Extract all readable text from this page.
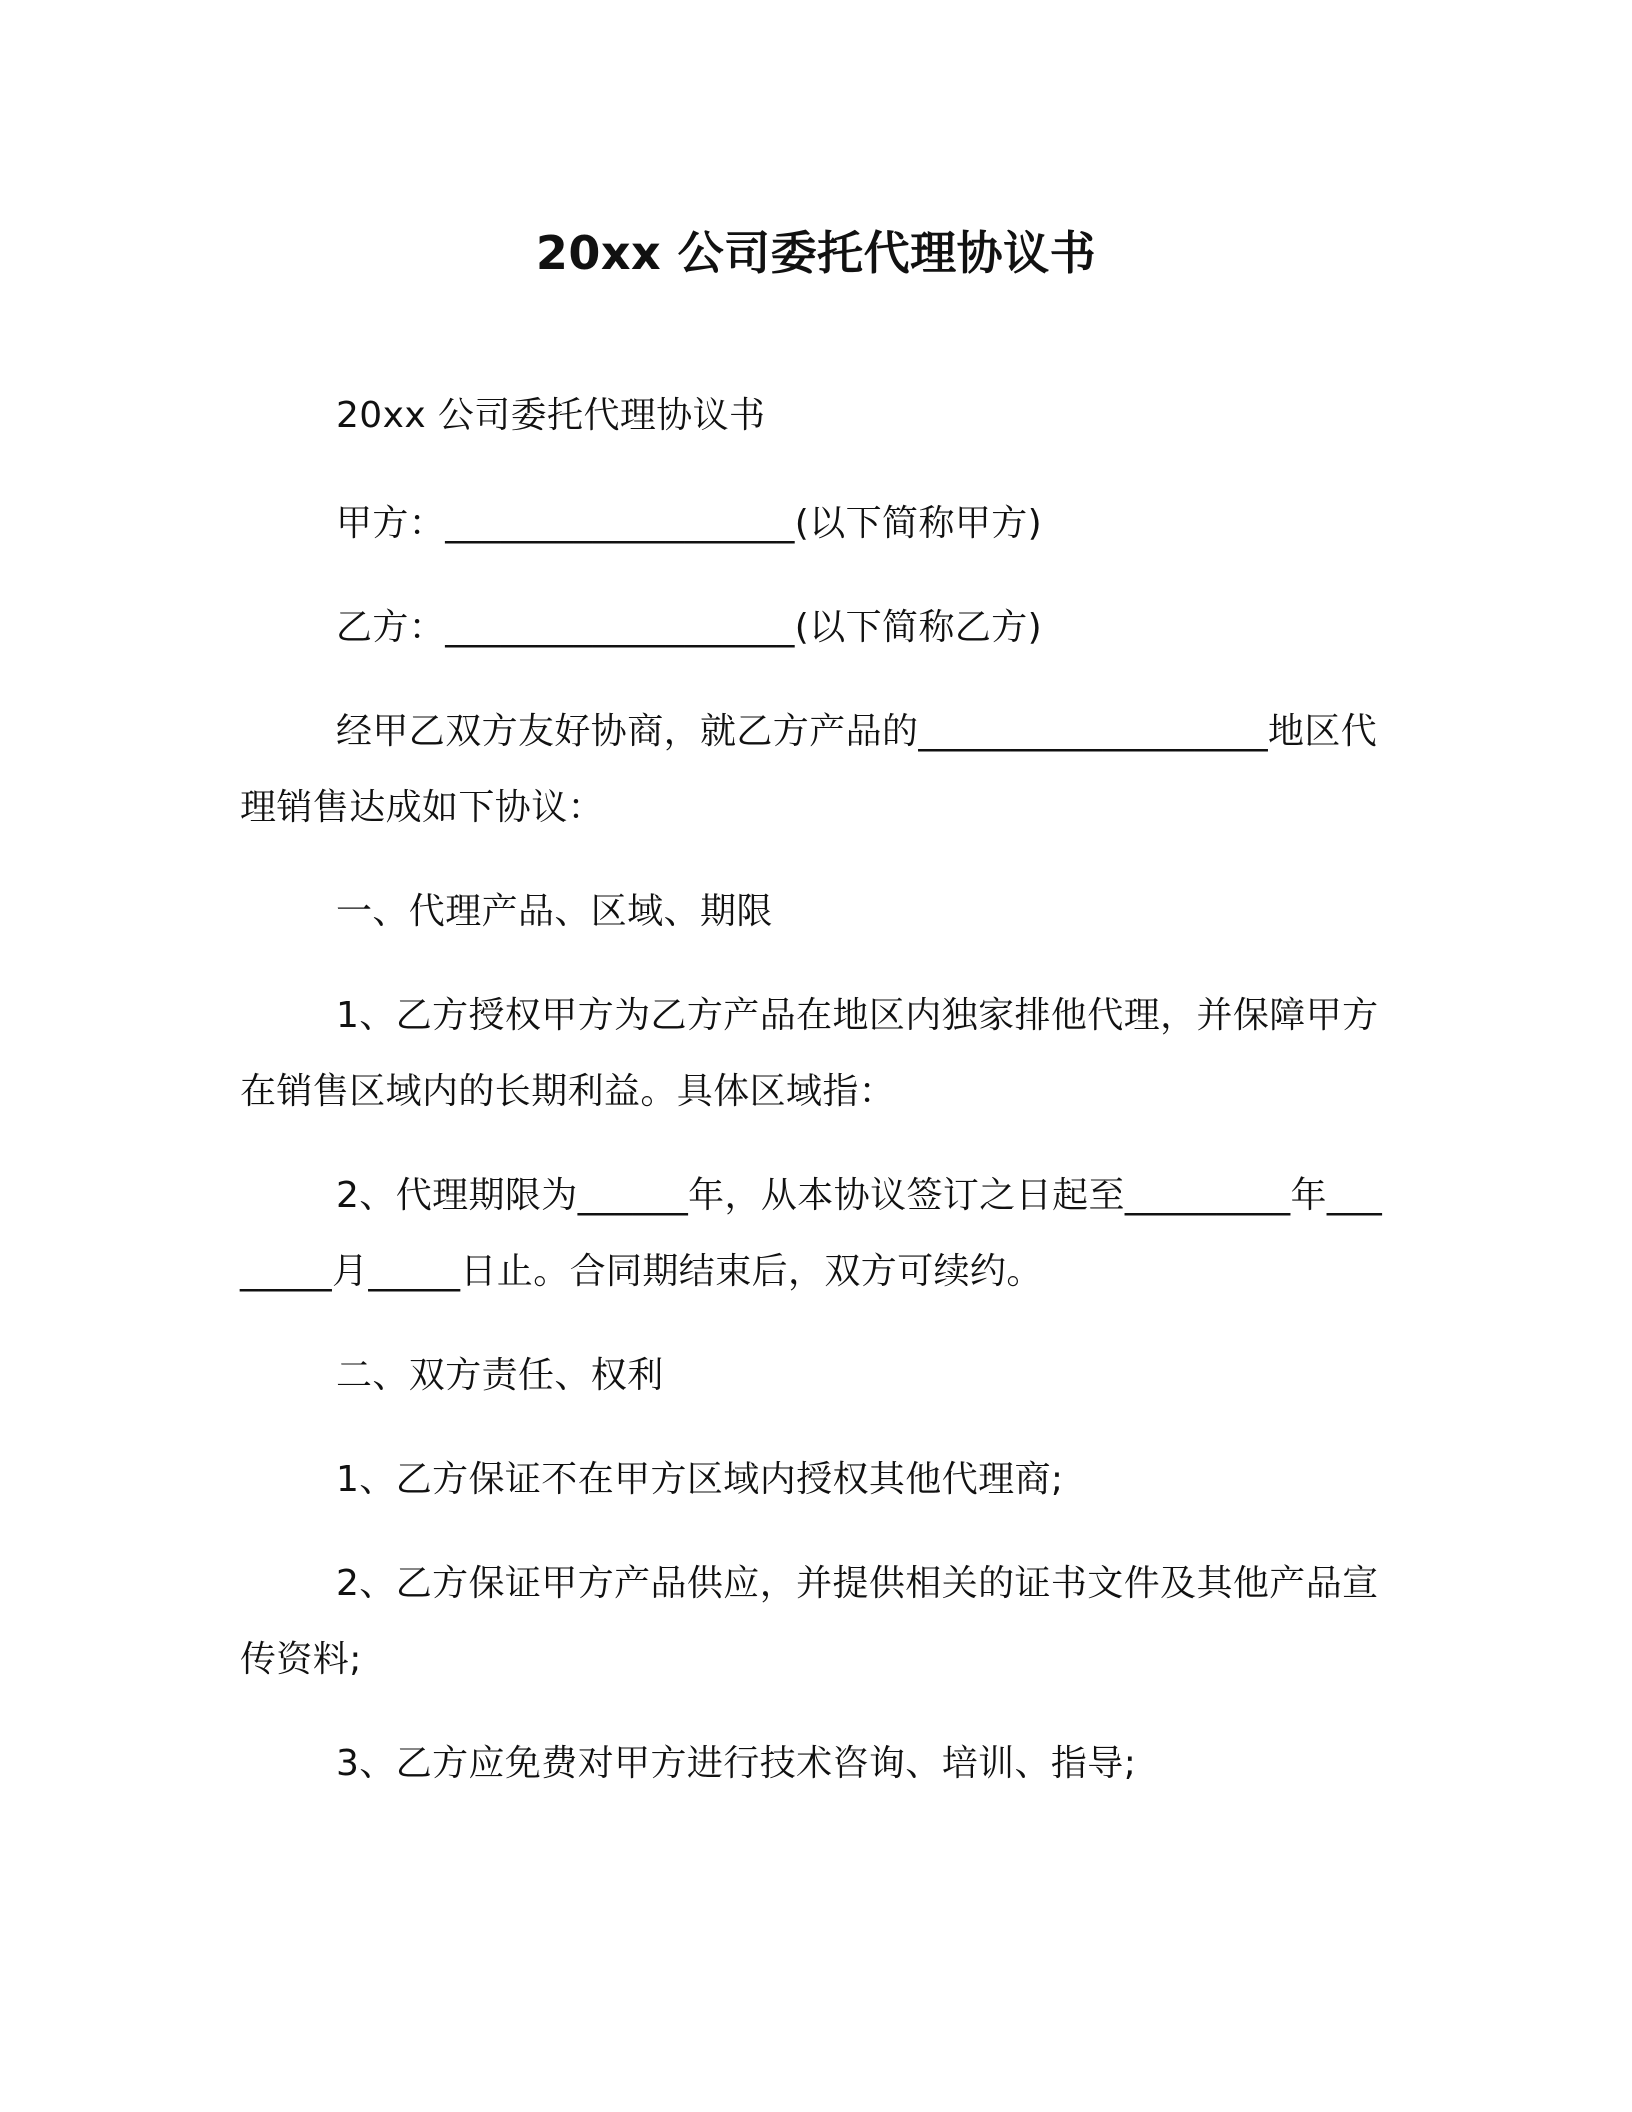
20xx 公司委托代理协议书
20xx 公司委托代理协议书
甲方：___________________(以下简称甲方)
乙方：___________________(以下简称乙方)
经甲乙双方友好协商，就乙方产品的___________________地区代理销售达成如下协议：
一、代理产品、区域、期限
1、乙方授权甲方为乙方产品在地区内独家排他代理，并保障甲方在销售区域内的长期利益。具体区域指：
2、代理期限为______年，从本协议签订之日起至_________年________月_____日止。合同期结束后，双方可续约。
二、双方责任、权利
1、乙方保证不在甲方区域内授权其他代理商;
2、乙方保证甲方产品供应，并提供相关的证书文件及其他产品宣传资料;
3、乙方应免费对甲方进行技术咨询、培训、指导;
